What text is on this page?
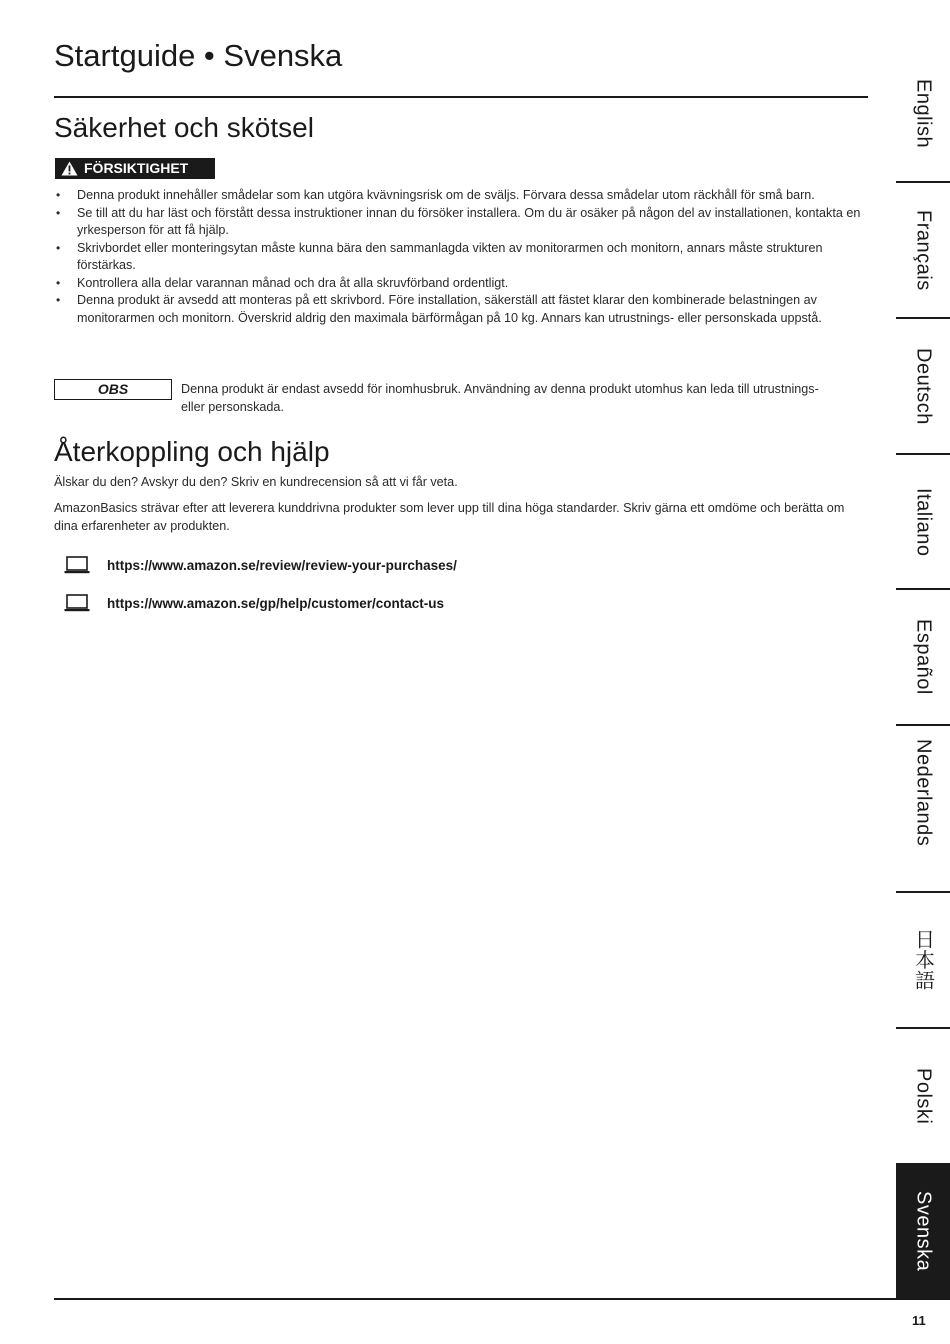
Startguide • Svenska
Säkerhet och skötsel
FÖRSIKTIGHET
• Denna produkt innehåller smådelar som kan utgöra kvävningsrisk om de sväljs. Förvara dessa smådelar utom räckhåll för små barn.
• Se till att du har läst och förstått dessa instruktioner innan du försöker installera. Om du är osäker på någon del av installationen, kontakta en yrkesperson för att få hjälp.
• Skrivbordet eller monteringsytan måste kunna bära den sammanlagda vikten av monitorarmen och monitorn, annars måste strukturen förstärkas.
• Kontrollera alla delar varannan månad och dra åt alla skruvförband ordentligt.
• Denna produkt är avsedd att monteras på ett skrivbord. Före installation, säkerställ att fästet klarar den kombinerade belastningen av monitorarmen och monitorn. Överskrid aldrig den maximala bärförmågan på 10 kg. Annars kan utrustnings- eller personskada uppstå.
OBS	Denna produkt är endast avsedd för inomhusbruk. Användning av denna produkt utomhus kan leda till utrustnings- eller personskada.

Återkoppling och hjälp

Älskar du den? Avskyr du den? Skriv en kundrecension så att vi får veta.

AmazonBasics strävar efter att leverera kunddrivna produkter som lever upp till dina höga standarder. Skriv gärna ett omdöme och berätta om dina erfarenheter av produkten.

https://www.amazon.se/review/review-your-purchases/
https://www.amazon.se/gp/help/customer/contact-us
English
Français
Deutsch
Italiano
Español
Nederlands
日本語
Polski
Svenska
11
